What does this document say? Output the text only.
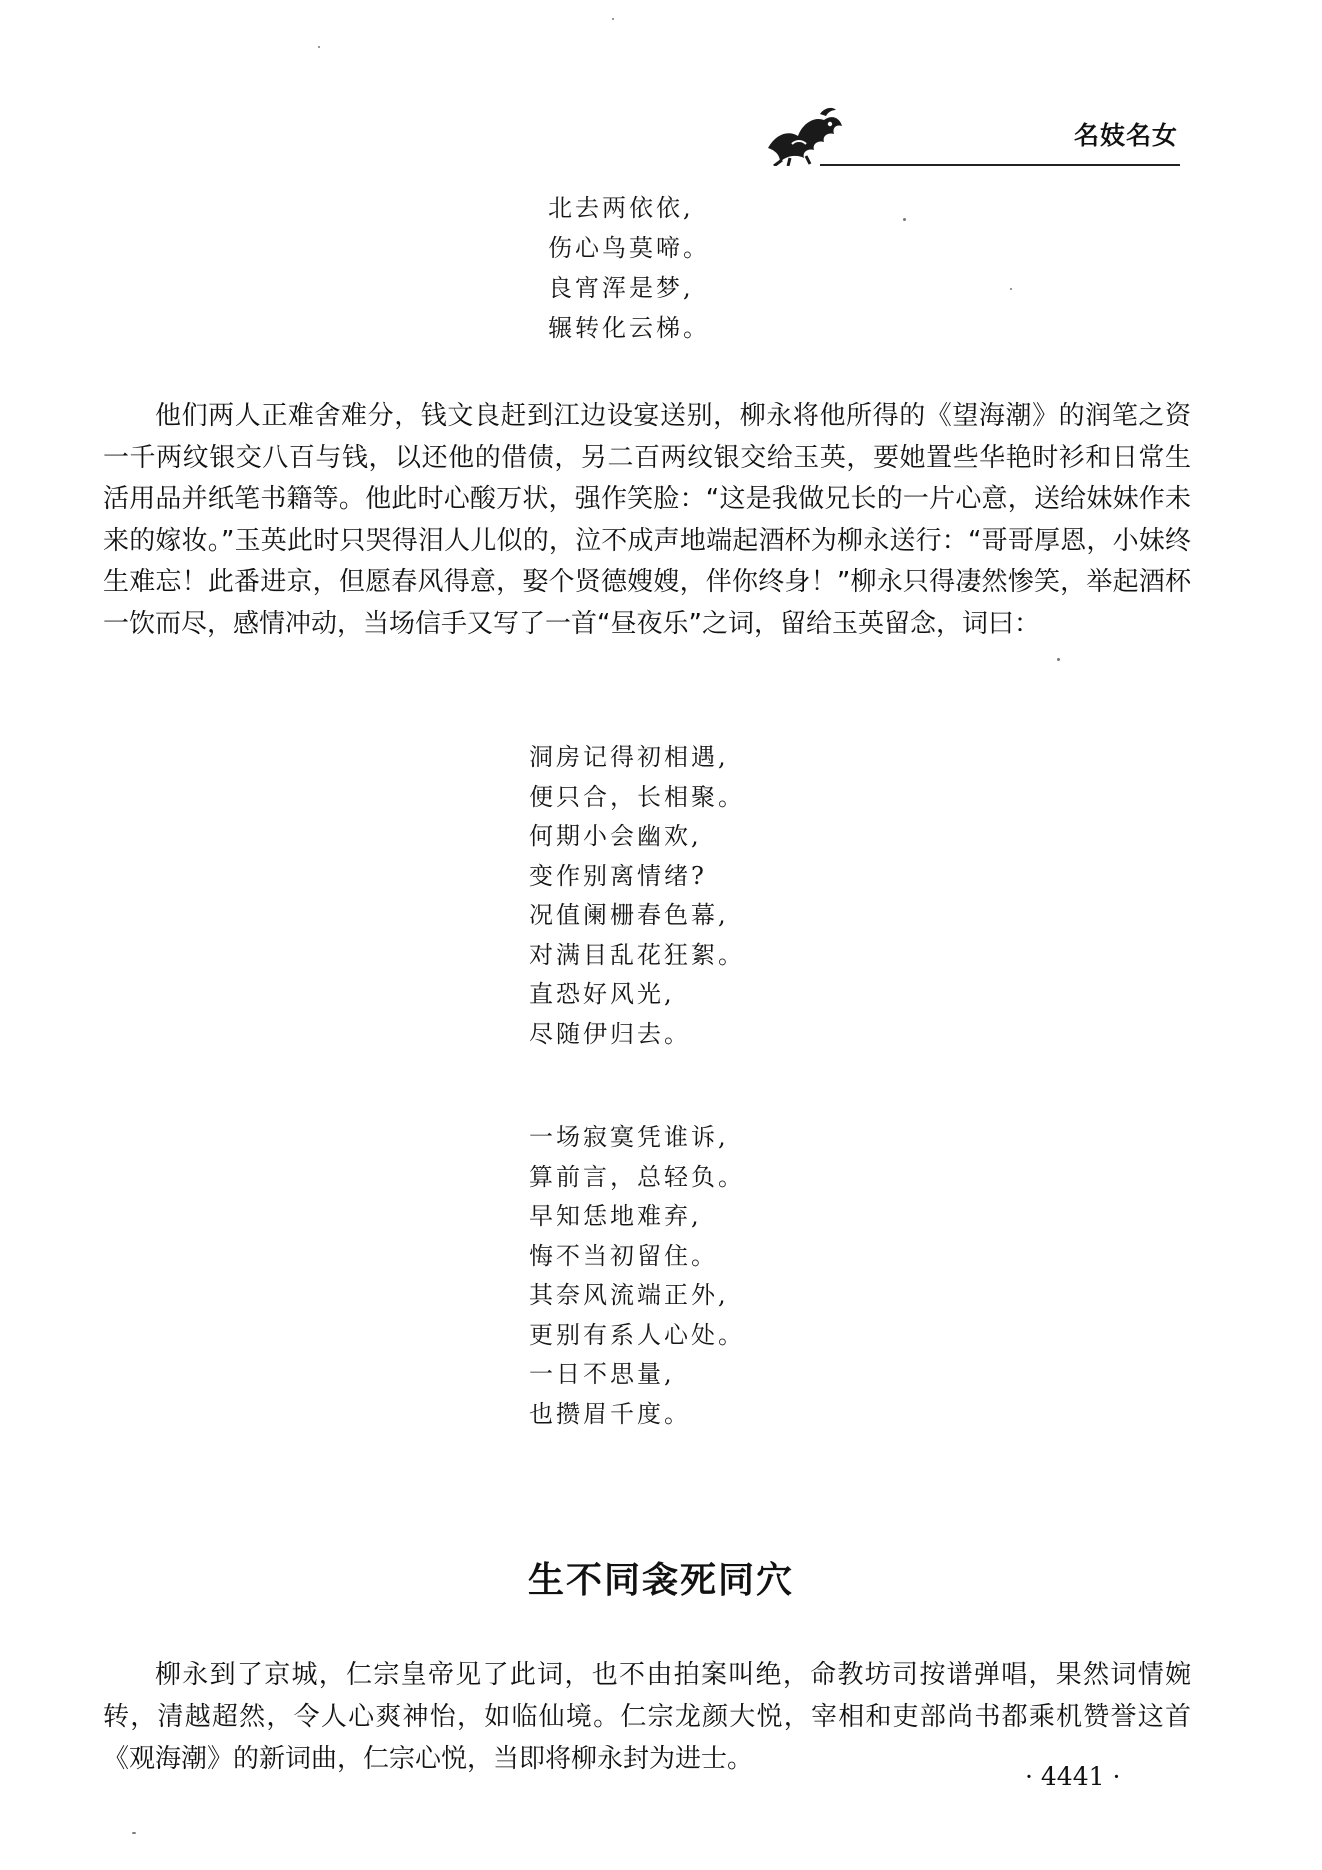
名妓名女
北去两依依,
伤心鸟莫啼。
良宵浑是梦,
辗转化云梯。

他们两人正难舍难分，钱文良赶到江边设宴送别，柳永将他所得的《望海潮》的润笔之资一千两纹银交八百与钱，以还他的借债，另二百两纹银交给玉英，要她置些华艳时衫和日常生活用品并纸笔书籍等。他此时心酸万状，强作笑脸：“这是我做兄长的一片心意，送给妹妹作未来的嫁妆。”玉英此时只哭得泪人儿似的，泣不成声地端起酒杯为柳永送行：“哥哥厚恩，小妹终生难忘！此番进京，但愿春风得意，娶个贤德嫂嫂，伴你终身！”柳永只得凄然惨笑，举起酒杯一饮而尽，感情冲动，当场信手又写了一首“昼夜乐”之词，留给玉英留念，词曰：

洞房记得初相遇,
便只合，长相聚。
何期小会幽欢,
变作别离情绪?
况值阑栅春色幕,
对满目乱花狂絮。
直恐好风光,
尽随伊归去。
一场寂寞凭谁诉,
算前言，总轻负。
早知恁地难弃,
悔不当初留住。
其奈风流端正外,
更别有系人心处。
一日不思量,
也攒眉千度。
生不同衾死同穴

柳永到了京城，仁宗皇帝见了此词，也不由拍案叫绝，命教坊司按谱弹唱，果然词情婉转，清越超然，令人心爽神怡，如临仙境。仁宗龙颜大悦，宰相和吏部尚书都乘机赞誉这首《观海潮》的新词曲，仁宗心悦，当即将柳永封为进士。

· 4441 ·
